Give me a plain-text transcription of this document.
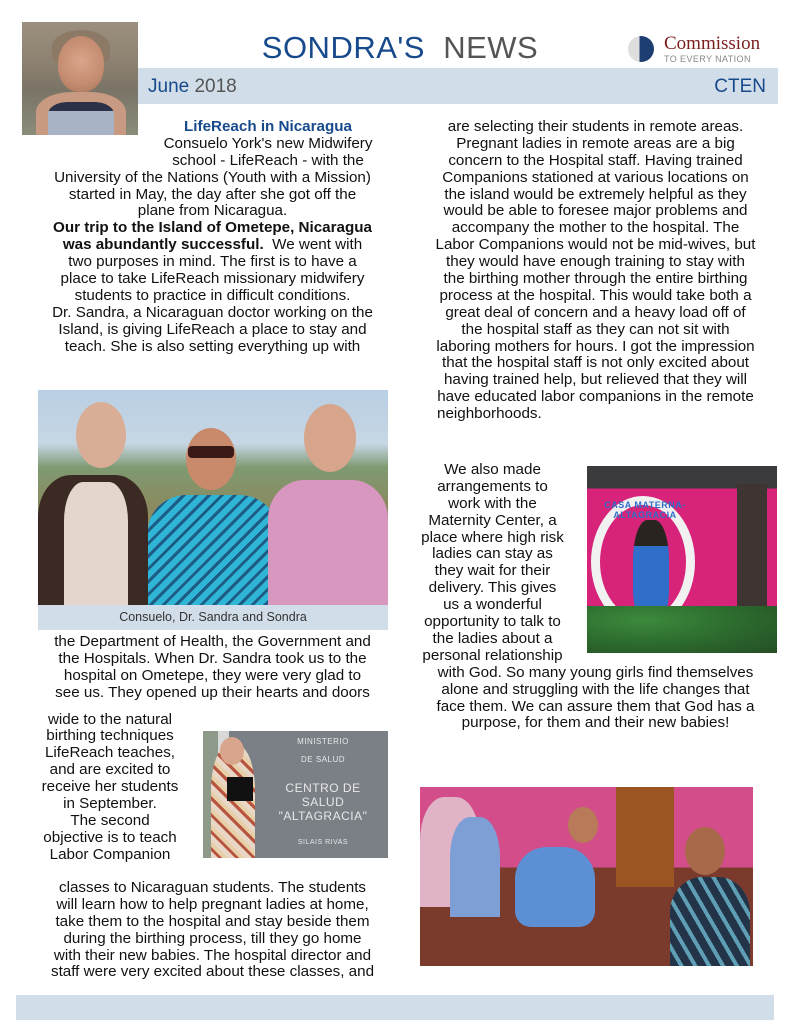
SONDRA'S NEWS	Commission
TO EVERY NATION
June 2018	CTEN
LifeReach in Nicaragua
Consuelo York's new Midwifery
school - LifeReach - with the
University of the Nations (Youth with a Mission)
started in May, the day after she got off the
plane from Nicaragua.
Our trip to the Island of Ometepe, Nicaragua
was abundantly successful.  We went with
two purposes in mind. The first is to have a
place to take LifeReach missionary midwifery
students to practice in difficult conditions.
Dr. Sandra, a Nicaraguan doctor working on the
Island, is giving LifeReach a place to stay and
teach. She is also setting everything up with
Consuelo, Dr. Sandra and Sondra
the Department of Health, the Government and
the Hospitals. When Dr. Sandra took us to the
hospital on Ometepe, they were very glad to
see us. They opened up their hearts and doors
wide to the natural
birthing techniques
LifeReach teaches,
and are excited to
receive her students
in September.
The second
objective is to teach
Labor Companion
MINISTERIO
DE SALUD
CENTRO DE SALUD
"ALTAGRACIA"
SILAIS RIVAS
classes to Nicaraguan students. The students
will learn how to help pregnant ladies at home,
take them to the hospital and stay beside them
during the birthing process, till they go home
with their new babies. The hospital director and
staff were very excited about these classes, and
are selecting their students in remote areas.
Pregnant ladies in remote areas are a big
concern to the Hospital staff. Having trained
Companions stationed at various locations on
the island would be extremely helpful as they
would be able to foresee major problems and
accompany the mother to the hospital. The
Labor Companions would not be mid-wives, but
they would have enough training to stay with
the birthing mother through the entire birthing
process at the hospital. This would take both a
great deal of concern and a heavy load off of
the hospital staff as they can not sit with
laboring mothers for hours. I got the impression
that the hospital staff is not only excited about
having trained help, but relieved that they will
have educated labor companions in the remote
neighborhoods.
We also made
arrangements to
work with the
Maternity Center, a
place where high risk
ladies can stay as
they wait for their
delivery. This gives
us a wonderful
opportunity to talk to
the ladies about a
personal relationship
CASA MATERNA-ALTAGRACIA
with God. So many young girls find themselves
alone and struggling with the life changes that
face them. We can assure them that God has a
purpose, for them and their new babies!
